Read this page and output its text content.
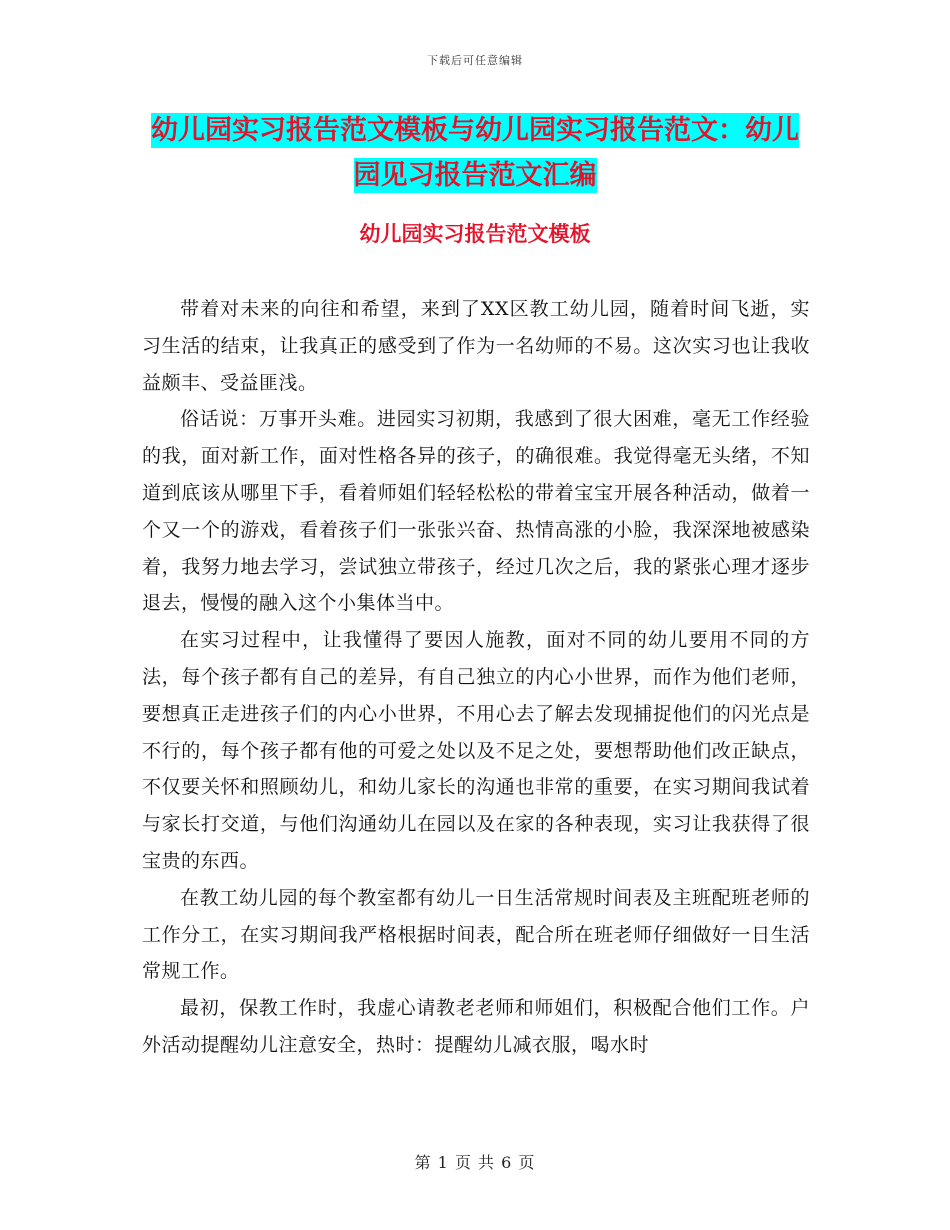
下载后可任意编辑
幼儿园实习报告范文模板与幼儿园实习报告范文：幼儿园见习报告范文汇编
幼儿园实习报告范文模板

带着对未来的向往和希望，来到了XX区教工幼儿园，随着时间飞逝，实习生活的结束，让我真正的感受到了作为一名幼师的不易。这次实习也让我收益颇丰、受益匪浅。

俗话说：万事开头难。进园实习初期，我感到了很大困难，毫无工作经验的我，面对新工作，面对性格各异的孩子，的确很难。我觉得毫无头绪，不知道到底该从哪里下手，看着师姐们轻轻松松的带着宝宝开展各种活动，做着一个又一个的游戏，看着孩子们一张张兴奋、热情高涨的小脸，我深深地被感染着，我努力地去学习，尝试独立带孩子，经过几次之后，我的紧张心理才逐步退去，慢慢的融入这个小集体当中。

在实习过程中，让我懂得了要因人施教，面对不同的幼儿要用不同的方法，每个孩子都有自己的差异，有自己独立的内心小世界，而作为他们老师，要想真正走进孩子们的内心小世界，不用心去了解去发现捕捉他们的闪光点是不行的，每个孩子都有他的可爱之处以及不足之处，要想帮助他们改正缺点，不仅要关怀和照顾幼儿，和幼儿家长的沟通也非常的重要，在实习期间我试着与家长打交道，与他们沟通幼儿在园以及在家的各种表现，实习让我获得了很宝贵的东西。

在教工幼儿园的每个教室都有幼儿一日生活常规时间表及主班配班老师的工作分工，在实习期间我严格根据时间表，配合所在班老师仔细做好一日生活常规工作。

最初，保教工作时，我虚心请教老老师和师姐们，积极配合他们工作。户外活动提醒幼儿注意安全，热时：提醒幼儿减衣服，喝水时

第 1 页 共 6 页
